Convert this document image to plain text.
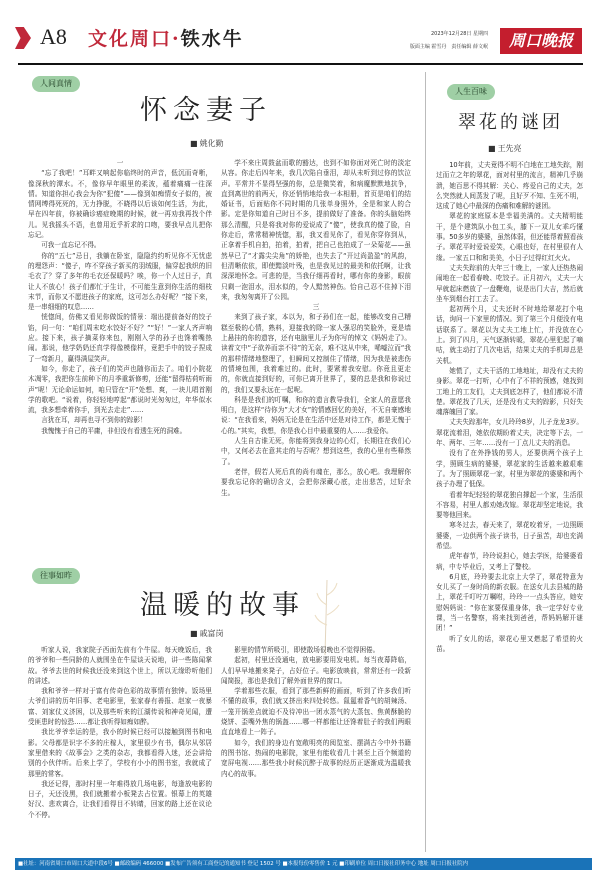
A8 文化周口·铁水牛	2023年12月28日 星期四
版面主编 霍雪丹　责任编辑 薛文岷	周口晚报
人间真情
怀念妻子
■ 姚化勤

一

“忘了我吧！”耳畔又响起你临终时的声音，低沉而奇哳，像深秋的潭水。不，像你早年眼里的柔波，蕴着痛痛一往深情。知道你担心我会为你“犯傻”——像到如痴情女子似的，被情网缚得死死的，无力挣脱，不晓得以后该如何生活，为此，早在四年前，你被确诊癌症晚期的时候，就一再劝我再找个伴儿。见我摇头不语，也曾用近乎祈求的口吻，要我早点儿把你忘记。

可我一直忘记不得。

你的“五七”忌日，我躺在卧室，隐隐约约听见你不无忧虑的埋怨声：“傻子，咋不穿孩子新买的羽绒服，偏穿起我织的旧毛衣了？穿了多年的毛衣还保暖吗？唉，你一个人过日子，真让人不放心！孩子们都忙于生计，不可能生意到你生活的细枝末节，而你又不愿进孩子的家庭，这可怎么办好呢？”接下来，是一串细细的叹息……

恍惚间，仿佛又看见你做饭的情景：端出提前备好的饺子馅，问一句：“咱们周末吃水饺好不好？”“好！”一家人齐声响应。接下来，孩子摘菜你来包，刚刚入学的孙子也馋着嘴热闹。那说，他学奶奶还真学得像模像样，竟把手中的饺子捏成了一弯新月，赢得满屋笑声。

如今，你走了，孩子们的笑声也随你而去了。咱们小院花木凋零，我把你生前种下的月季重新修剪，还能“留得枯荷听雨声”呢！无论命运如何，咱只管在“开”处想、爽，一块儿唱首刚学的歌吧。“说着，你轻轻地哼起“都说时光匆匆过，年华似水流，我多想牵着你手，到光去走走”……

言犹在耳，却再也寻不到你的踪影！

我愧愧于自己的平庸，非但没有看透生死的洞难。

学不来庄周鼓盆而歌的豁达，也到不如你面对死亡时的淡定从容。你走后四年来，我几次陷自垂泪，却从未听到过你的饮泣声。平常并不显得坚强的你，总是微笑着，和病魔默默地抗争，直到离世的前两天，你还悄悄地给我一本相册，首页是咱们的结婚证书，后面贴你不同时期的几张单身照外，全是和家人的合影。定是你知道自己时日不多，提前做好了准备。你的头脑始终那么清醒，只是将我对你的爱说成了“傻”，使我真的傻了脸，自你走后，常常精神恍惚，那，我又看见你了，看见你穿你到从，正拿着手机自拍，拍着，拍着，把自己也拍成了一朵菊花——虽然早已了“才露尖尖角”的娇艳，也失去了“开过尚盈盈”的风韵，但清晰依依，即使黯淡叶残，也是我见过的最美和依托啊，让我深深地怀念。可悲的是，当我仔细再看时，哪有你的身影，眼前只剩一泡泪水，泪水似的，令人黯然神伤。恰自己忍不住掉下泪来，我匆匆离开了公园。

三

来到了孩子家，本以为，和子孙们在一起，能够改变自己糟糕至极的心情，熟料，迎接我的除一家人强忍的笑脸外，竟是墙上悬挂的你的遗容，还有电脑里儿子为你写的悼文《妈妈走了》。读着文中“子欲养而亲不待”的无奈，难不这从中来，唏嘘泣而“我的那样情绪地整理了，但瞬间又控制住了情绪，因为我是被悲伤的情境包围，我着难过的。此时，要紧着我安慰。你竟且更走的，你就直接到好的，可你已离开世界了，要的总是我和你说过的，我们又要永远在一起呢。

科是是我们的叮嘱，和你的遗言教导我们，全家人的意愿我明白，是这样“待你为”大才女”的情感回忆的美好，不无自豪感地说：“在我看来，妈妈无论是在生活中还是对待工作，都是无愧于心的。”其实，我想，你是我心目中最重要的人……我爱你。

人生自古谁无死，你能将到我身边的心灯，长期往在我们心中，又何必去在意其走的与否呢？想到这些，我的心里有些释然了。

老伴，假若人死后真的尚有魂在，那么，放心吧。我理解你要我忘记你的确切含义，会把你深藏心底，走出悲苦，过好余生。

往事如昨
温暖的故事
■ 戚富岗

听家人说，我家院子西面先前有个牛屋。每天晚饭后，我的爷爷和一些同龄的人就围坐在牛屋谈天说地，讲一些陈闻掌故。爷爷去世的时候我还没来到这个世上，所以无缘聆听他们的讲述。

我和爷爷一样对于富有传奇色彩的故事情有独钟。饭场里大爷们讲的历年旧事、老电影里，张家春有善报、赵家一夜暴富、刘家仗义济困，以及那些听来的江湖传说和神奇见闻，遭受匪患时的惊恐……都让我听得如痴如醉。

我比爷爷幸运的是，我小的时候已经可以接触到图书和电影。父母都是识字不多的庄稼人，家里很少有书，偶尔从邻居家里借来的《故事会》之类的杂志，我都看得入迷，还会讲给别的小伙伴听。后来上学了，学校有小小的图书室，我就成了那里的常客。

我还记得，那时村里一年难得放几场电影，每逢放电影的日子，天还没黑，我们就搬着小板凳去占位置。银幕上的英雄好汉、悲欢离合，让我们看得目不转睛，回家的路上还在议论个不停。

影里的情节所吸引，即使散场很晚也不觉得困倦。

起初，村里还没通电，放电影要用发电机。每当夜幕降临，人们早早地搬来凳子，占好位子。电影放映前，常常还有一段新闻简报，那也是我们了解外面世界的窗口。

学着那些衣服，看到了那些新鲜的画面，听到了许多我们听不懂的故事，我们就又挤出来四处转悠。氤氲着香气的胡辣汤、一笼开锅差点就迫不及待冲出一团水蒸气的大蒸包、焦黄酥脆的烧饼、歪嘴外焦的锅盔……哪一样都能让还馋着肚子的我们两眼直直地看上一阵子。

如今，我们的身边有宽敞明亮的阅览室、摆满古今中外书籍的图书馆、热闹的电影院，家里有能收看几十甚至上百个频道的宽屏电视……那些我小时候沉醉于故事的经历正逐渐成为温暖我内心的故事。

人生百味
翠花的谜团
■ 王先亮

10年前，丈夫竟得不明不白地在工地失踪，刚过而立之年的翠花，面对村里的流言，精神几乎崩溃，她百思不得其解：关心、疼爱自己的丈夫，怎么突然就人间蒸发了呢，且好歹不知、生死不明，这成了她心中最深的伤痛和难解的谜团。

翠花的家庭原本是幸福美满的。丈夫精明能干，是个建筑队小包工头，膝下一双儿女乖巧懂事。50多岁的婆婆，虽然体弱，但还能帮着照看孩子。翠花平时爱说爱笑，心眼也好，在村里很有人缘。一家五口和和美美，小日子过得红红火火。

丈夫失踪前的大年三十晚上，一家人还热热闹闹地在一起看春晚、吃饺子。正月初六，丈夫一大早就起床燃放了一盘鞭炮，说是出门大吉，然后就坐车到烟台打工去了。

起初两个月，丈夫还时不时地给翠花打个电话，询问一下家里的情况。到了第三个月便没有电话联系了。翠花以为丈夫工地上忙，并没放在心上。到了四月，天气逐渐转暖，翠花心里犯起了嘀咕，就主动打了几次电话，结果丈夫的手机却总是关机。

她慌了，丈夫干活的工地地址，却没有丈夫的身影。翠花一打听，心中有了不祥的预感，她找到工地上的工友们，丈夫到底怎样了，他们都说不清楚。翠花找了几天，还是没有丈夫的踪影，只好失魂落魄回了家。

丈夫失踪那年，女儿玲玲8岁，儿子龙龙3岁。翠花流着泪，她依依期盼着丈夫，决定等下去，一年、两年、三年……没有一丁点儿丈夫的消息。

没有了在外挣钱的男人，还要供两个孩子上学，照顾生病的婆婆，翠花家的生活越来越艰难了。为了照顾翠花一家，村里为翠花的婆婆和两个孩子办理了低保。

看着年纪轻轻的翠花独自撑起一个家，生活很不容易，村里人都劝她改嫁。翠花却坚定地说，我要等他回来。

寒冬过去，春天来了，翠花咬着牙，一边照顾婆婆，一边供两个孩子读书，日子虽苦，却也充满希望。

虎年春节，玲玲说担心，她去学医，给婆婆看病，中专毕业后，又考上了警校。

6月底，玲玲要去北京上大学了，翠花特意为女儿买了一身时尚的新衣服。在送女儿去县城的路上，翠花千叮咛万嘱咐，玲玲一一点头答应，她安慰妈妈说：“你在家要保重身体，我一定学好专业课，当一名警察，将来找到爸爸，帮妈妈解开谜团！”

听了女儿的话，翠花心里又燃起了希望的火苗。

■社址：河南省周口市周口大道中段6号 ■邮政编码 466000 ■发布广告须有工商登记的通知书 登记 1502 号 ■本报每份零售价 1 元 ■印刷单位 周口日报社印务中心 地址 周口日报社院内
